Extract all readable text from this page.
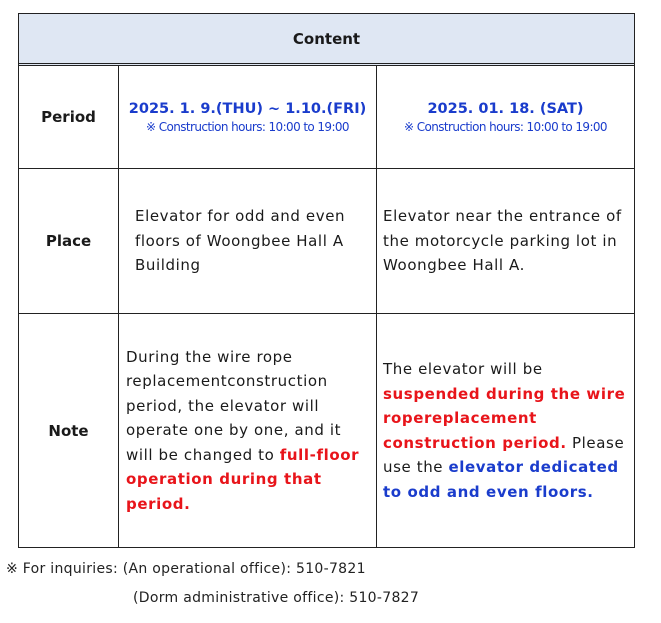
Content
Period	2025. 1. 9.(THU) ~ 1.10.(FRI)
※ Construction hours: 10:00 to 19:00
2025. 01. 18. (SAT)
※ Construction hours: 10:00 to 19:00
Place
Elevator for odd and even floors of Woongbee Hall A Building
Elevator near the entrance of the motorcycle parking lot in Woongbee Hall A.
Note
During the wire rope replacementconstruction period, the elevator will operate one by one, and it will be changed to full-floor operation during that period.
The elevator will be suspended during the wire ropereplacement construction period. Please use the elevator dedicated to odd and even floors.
※ For inquiries: (An operational office): 510-7821
(Dorm administrative office): 510-7827
